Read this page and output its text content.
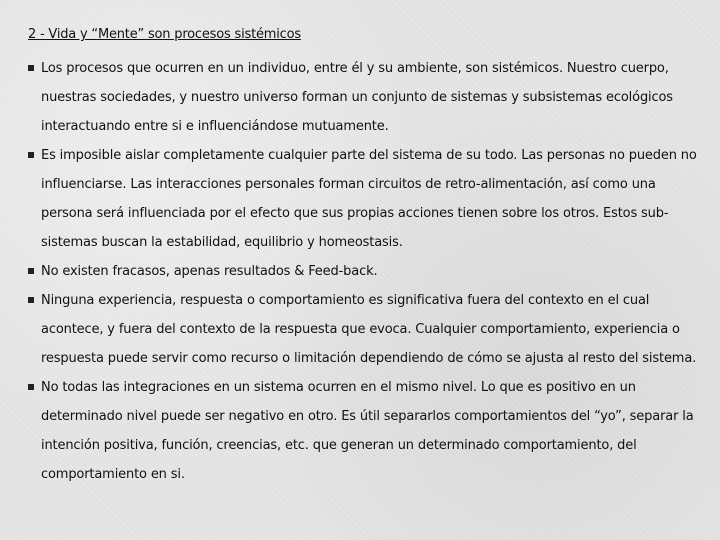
2 - Vida y “Mente” son procesos sistémicos
Los procesos que ocurren en un individuo, entre él y su ambiente, son sistémicos. Nuestro cuerpo, nuestras sociedades, y nuestro universo forman un conjunto de sistemas y subsistemas ecológicos interactuando entre si e influenciándose mutuamente.
Es imposible aislar completamente cualquier parte del sistema de su todo. Las personas no pueden no influenciarse. Las interacciones personales forman circuitos de retro-alimentación, así como una persona será influenciada por el efecto que sus propias acciones tienen sobre los otros. Estos sub-sistemas buscan la estabilidad, equilibrio y homeostasis.
No existen fracasos, apenas resultados & Feed-back.
Ninguna experiencia, respuesta o comportamiento es significativa fuera del contexto en el cual acontece, y fuera del contexto de la respuesta que evoca. Cualquier comportamiento, experiencia o respuesta puede servir como recurso o limitación dependiendo de cómo se ajusta al resto del sistema.
No todas las integraciones en un sistema ocurren en el mismo nivel. Lo que es positivo en un determinado nivel puede ser negativo en otro. Es útil separarlos comportamientos del “yo”, separar la intención positiva, función, creencias, etc. que generan un determinado comportamiento, del comportamiento en si.
